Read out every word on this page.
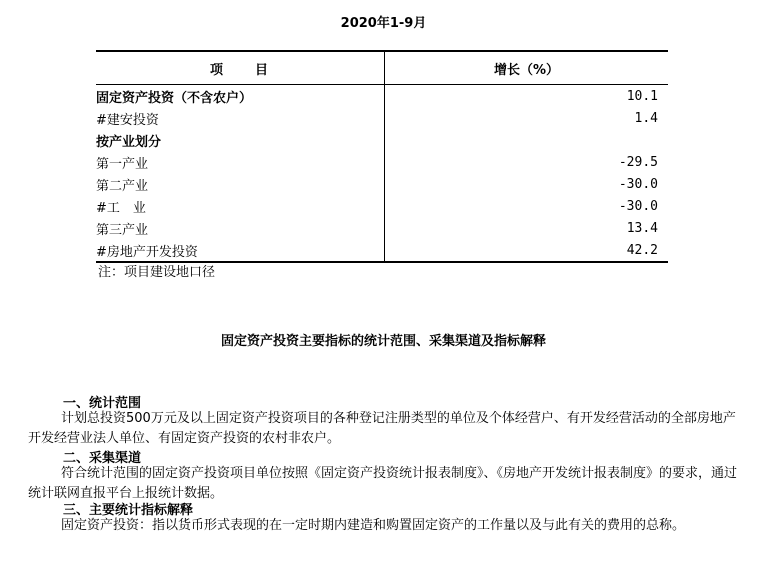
2020年1-9月
项　　目	增长（%）
固定资产投资（不含农户）	10.1
#建安投资	1.4
按产业划分	
第一产业	-29.5
第二产业	-30.0
#工　业	-30.0
第三产业	13.4
#房地产开发投资	42.2
注：项目建设地口径
固定资产投资主要指标的统计范围、采集渠道及指标解释
一、统计范围
计划总投资500万元及以上固定资产投资项目的各种登记注册类型的单位及个体经营户、有开发经营活动的全部房地产开发经营业法人单位、有固定资产投资的农村非农户。
二、采集渠道
符合统计范围的固定资产投资项目单位按照《固定资产投资统计报表制度》、《房地产开发统计报表制度》的要求，通过统计联网直报平台上报统计数据。
三、主要统计指标解释
固定资产投资：指以货币形式表现的在一定时期内建造和购置固定资产的工作量以及与此有关的费用的总称。
